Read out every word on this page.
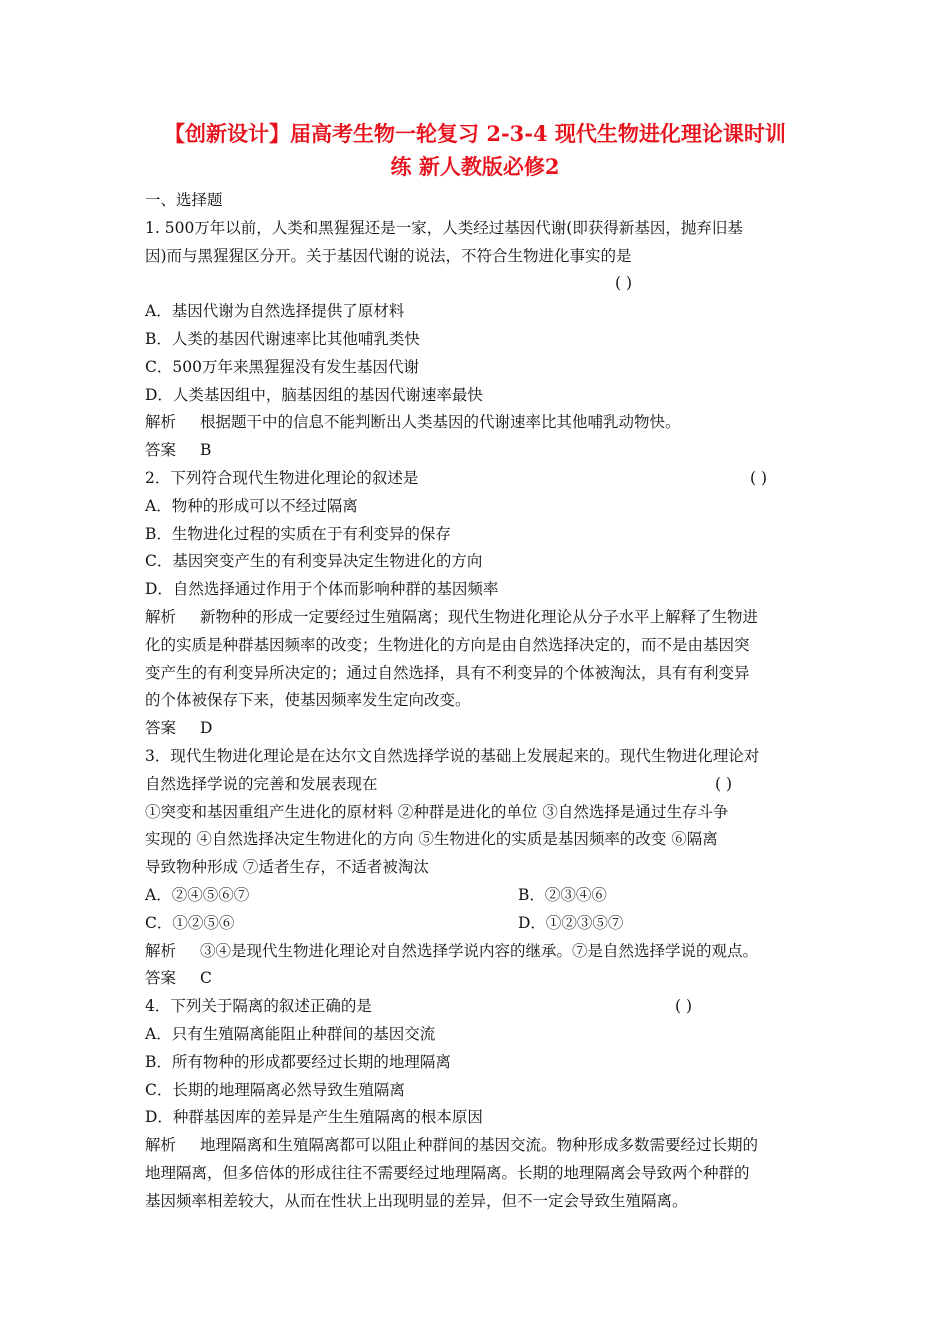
【创新设计】届高考生物一轮复习 2-3-4 现代生物进化理论课时训
练 新人教版必修2
一、选择题
1. 500万年以前，人类和黑猩猩还是一家，人类经过基因代谢(即获得新基因，抛弃旧基
因)而与黑猩猩区分开。关于基因代谢的说法，不符合生物进化事实的是
( )
A．基因代谢为自然选择提供了原材料
B．人类的基因代谢速率比其他哺乳类快
C．500万年来黑猩猩没有发生基因代谢
D．人类基因组中，脑基因组的基因代谢速率最快
解析 根据题干中的信息不能判断出人类基因的代谢速率比其他哺乳动物快。
答案 B
2．下列符合现代生物进化理论的叙述是	( )
A．物种的形成可以不经过隔离
B．生物进化过程的实质在于有利变异的保存
C．基因突变产生的有利变异决定生物进化的方向
D．自然选择通过作用于个体而影响种群的基因频率
解析 新物种的形成一定要经过生殖隔离；现代生物进化理论从分子水平上解释了生物进
化的实质是种群基因频率的改变；生物进化的方向是由自然选择决定的，而不是由基因突
变产生的有利变异所决定的；通过自然选择，具有不利变异的个体被淘汰，具有有利变异
的个体被保存下来，使基因频率发生定向改变。
答案 D
3．现代生物进化理论是在达尔文自然选择学说的基础上发展起来的。现代生物进化理论对
自然选择学说的完善和发展表现在	( )
①突变和基因重组产生进化的原材料 ②种群是进化的单位 ③自然选择是通过生存斗争
实现的 ④自然选择决定生物进化的方向 ⑤生物进化的实质是基因频率的改变 ⑥隔离
导致物种形成 ⑦适者生存，不适者被淘汰
A．②④⑤⑥⑦	B．②③④⑥
C．①②⑤⑥	D．①②③⑤⑦
解析 ③④是现代生物进化理论对自然选择学说内容的继承。⑦是自然选择学说的观点。
答案 C
4．下列关于隔离的叙述正确的是	( )
A．只有生殖隔离能阻止种群间的基因交流
B．所有物种的形成都要经过长期的地理隔离
C．长期的地理隔离必然导致生殖隔离
D．种群基因库的差异是产生生殖隔离的根本原因
解析 地理隔离和生殖隔离都可以阻止种群间的基因交流。物种形成多数需要经过长期的
地理隔离，但多倍体的形成往往不需要经过地理隔离。长期的地理隔离会导致两个种群的
基因频率相差较大，从而在性状上出现明显的差异，但不一定会导致生殖隔离。
